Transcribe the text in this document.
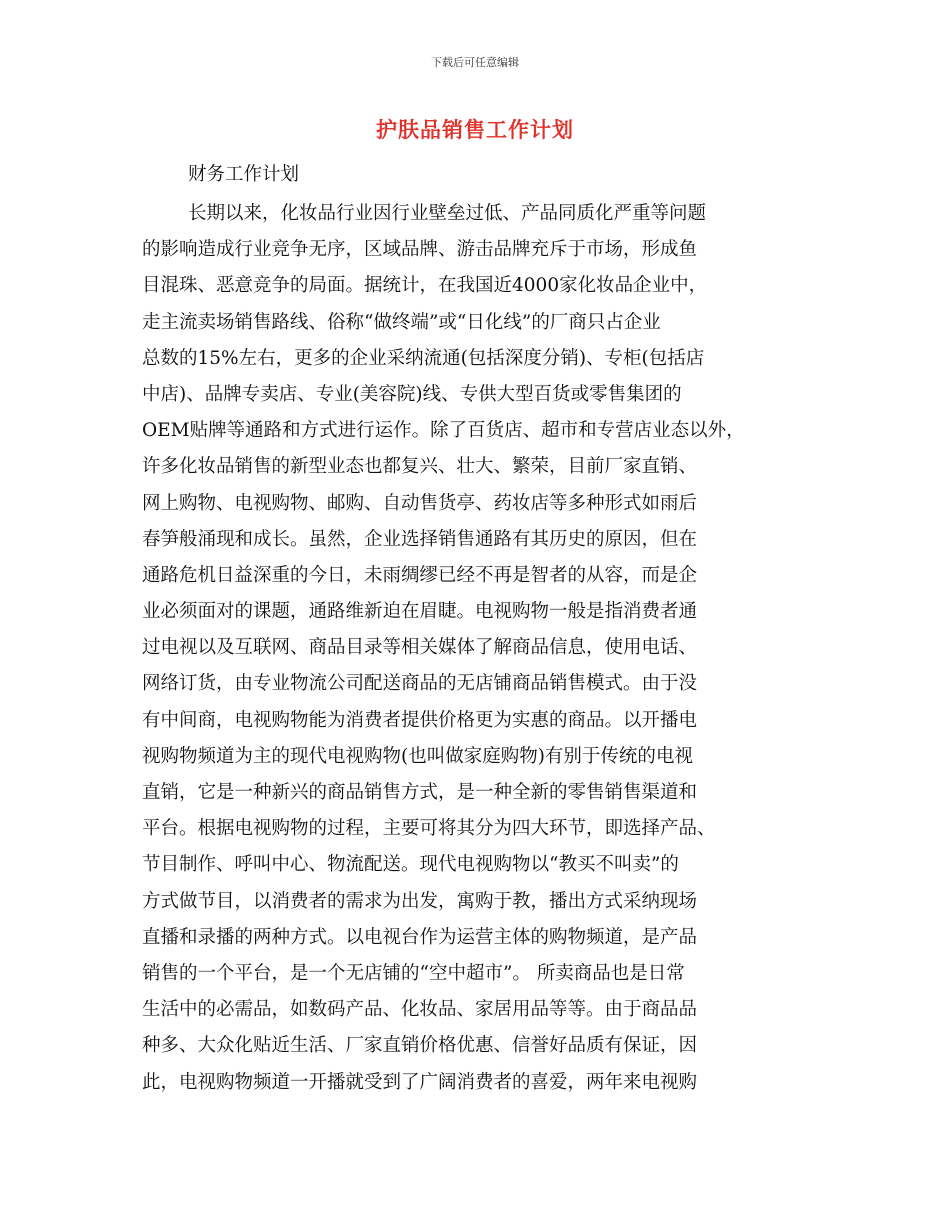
下载后可任意编辑
护肤品销售工作计划
财务工作计划
长期以来，化妆品行业因行业壁垒过低、产品同质化严重等问题
的影响造成行业竞争无序，区域品牌、游击品牌充斥于市场，形成鱼
目混珠、恶意竞争的局面。据统计，在我国近4000家化妆品企业中，
走主流卖场销售路线、俗称“做终端”或“日化线”的厂商只占企业
总数的15%左右，更多的企业采纳流通(包括深度分销)、专柜(包括店
中店)、品牌专卖店、专业(美容院)线、专供大型百货或零售集团的
OEM贴牌等通路和方式进行运作。除了百货店、超市和专营店业态以外，
许多化妆品销售的新型业态也都复兴、壮大、繁荣，目前厂家直销、
网上购物、电视购物、邮购、自动售货亭、药妆店等多种形式如雨后
春笋般涌现和成长。虽然，企业选择销售通路有其历史的原因，但在
通路危机日益深重的今日，未雨绸缪已经不再是智者的从容，而是企
业必须面对的课题，通路维新迫在眉睫。电视购物一般是指消费者通
过电视以及互联网、商品目录等相关媒体了解商品信息，使用电话、
网络订货，由专业物流公司配送商品的无店铺商品销售模式。由于没
有中间商，电视购物能为消费者提供价格更为实惠的商品。以开播电
视购物频道为主的现代电视购物(也叫做家庭购物)有别于传统的电视
直销，它是一种新兴的商品销售方式，是一种全新的零售销售渠道和
平台。根据电视购物的过程，主要可将其分为四大环节，即选择产品、
节目制作、呼叫中心、物流配送。现代电视购物以“教买不叫卖”的
方式做节目，以消费者的需求为出发，寓购于教，播出方式采纳现场
直播和录播的两种方式。以电视台作为运营主体的购物频道，是产品
销售的一个平台，是一个无店铺的“空中超市”。 所卖商品也是日常
生活中的必需品，如数码产品、化妆品、家居用品等等。由于商品品
种多、大众化贴近生活、厂家直销价格优惠、信誉好品质有保证，因
此，电视购物频道一开播就受到了广阔消费者的喜爱，两年来电视购
